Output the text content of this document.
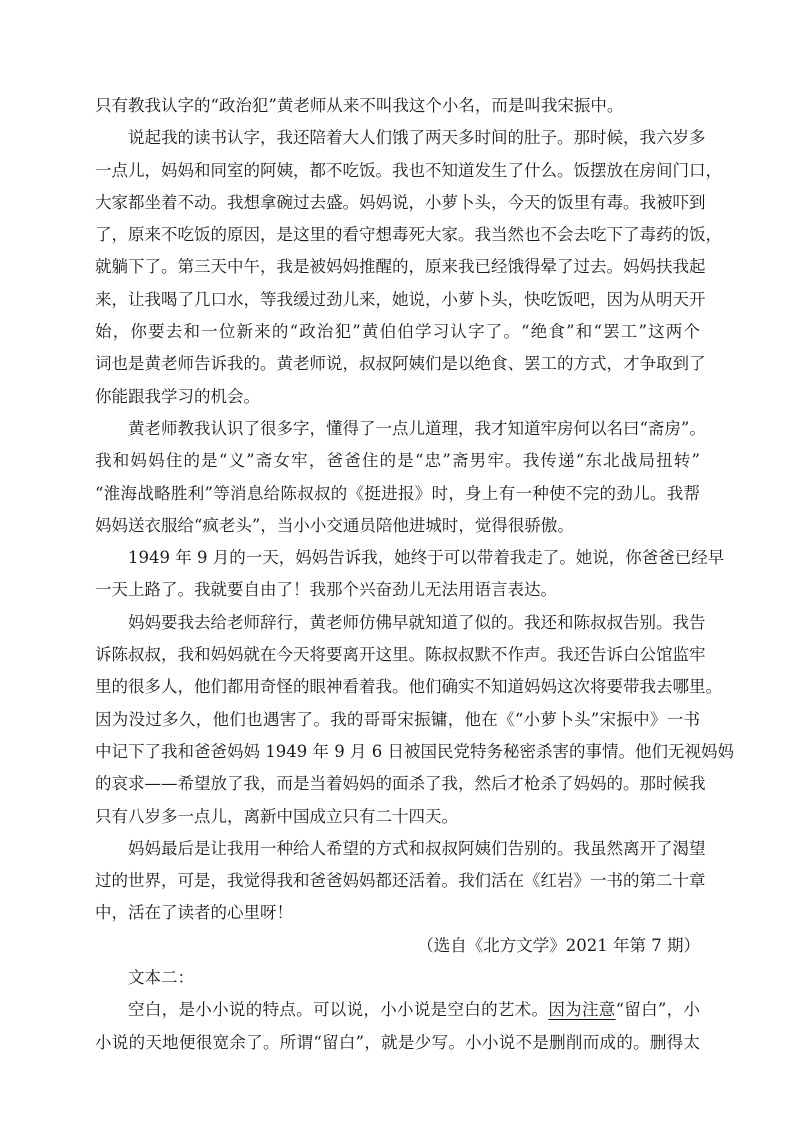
只有教我认字的“政治犯”黄老师从来不叫我这个小名，而是叫我宋振中。
说起我的读书认字，我还陪着大人们饿了两天多时间的肚子。那时候，我六岁多
一点儿，妈妈和同室的阿姨，都不吃饭。我也不知道发生了什么。饭摆放在房间门口，
大家都坐着不动。我想拿碗过去盛。妈妈说，小萝卜头，今天的饭里有毒。我被吓到
了，原来不吃饭的原因，是这里的看守想毒死大家。我当然也不会去吃下了毒药的饭，
就躺下了。第三天中午，我是被妈妈推醒的，原来我已经饿得晕了过去。妈妈扶我起
来，让我喝了几口水，等我缓过劲儿来，她说，小萝卜头，快吃饭吧，因为从明天开
始，你要去和一位新来的“政治犯”黄伯伯学习认字了。“绝食”和“罢工”这两个
词也是黄老师告诉我的。黄老师说，叔叔阿姨们是以绝食、罢工的方式，才争取到了
你能跟我学习的机会。
黄老师教我认识了很多字，懂得了一点儿道理，我才知道牢房何以名曰“斋房”。
我和妈妈住的是“义”斋女牢，爸爸住的是“忠”斋男牢。我传递“东北战局扭转”
“淮海战略胜利”等消息给陈叔叔的《挺进报》时，身上有一种使不完的劲儿。我帮
妈妈送衣服给“疯老头”，当小小交通员陪他进城时，觉得很骄傲。
1949 年 9 月的一天，妈妈告诉我，她终于可以带着我走了。她说，你爸爸已经早
一天上路了。我就要自由了！我那个兴奋劲儿无法用语言表达。
妈妈要我去给老师辞行，黄老师仿佛早就知道了似的。我还和陈叔叔告别。我告
诉陈叔叔，我和妈妈就在今天将要离开这里。陈叔叔默不作声。我还告诉白公馆监牢
里的很多人，他们都用奇怪的眼神看着我。他们确实不知道妈妈这次将要带我去哪里。
因为没过多久，他们也遇害了。我的哥哥宋振镛，他在《“小萝卜头”宋振中》一书
中记下了我和爸爸妈妈 1949 年 9 月 6 日被国民党特务秘密杀害的事情。他们无视妈妈
的哀求——希望放了我，而是当着妈妈的面杀了我，然后才枪杀了妈妈的。那时候我
只有八岁多一点儿，离新中国成立只有二十四天。
妈妈最后是让我用一种给人希望的方式和叔叔阿姨们告别的。我虽然离开了渴望
过的世界，可是，我觉得我和爸爸妈妈都还活着。我们活在《红岩》一书的第二十章
中，活在了读者的心里呀！
（选自《北方文学》2021 年第 7 期）
文本二：
空白，是小小说的特点。可以说，小小说是空白的艺术。因为注意“留白”，小
小说的天地便很宽余了。所谓“留白”，就是少写。小小说不是删削而成的。删得太
